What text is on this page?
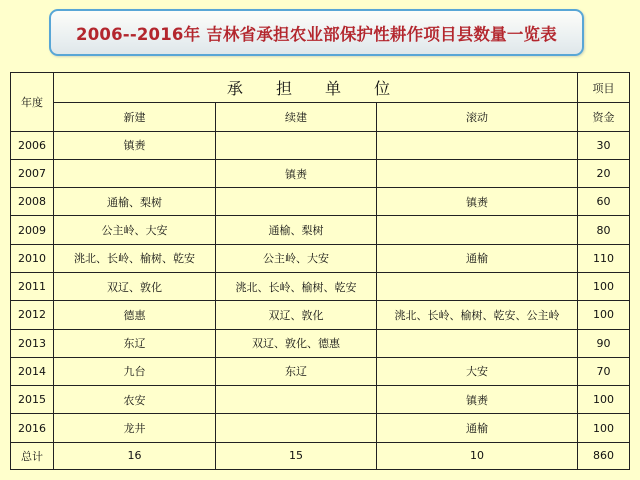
2006--2016年 吉林省承担农业部保护性耕作项目县数量一览表
年度	承 担 单 位			项目
	新建	续建	滚动	资金
2006	镇赉			30
2007		镇赉		20
2008	通榆、梨树		镇赉	60
2009	公主岭、大安	通榆、梨树		80
2010	洮北、长岭、榆树、乾安	公主岭、大安	通榆	110
2011	双辽、敦化	洮北、长岭、榆树、乾安		100
2012	德惠	双辽、敦化	洮北、长岭、榆树、乾安、公主岭	100
2013	东辽	双辽、敦化、德惠		90
2014	九台	东辽	大安	70
2015	农安		镇赉	100
2016	龙井		通榆	100
总计	16	15	10	860
